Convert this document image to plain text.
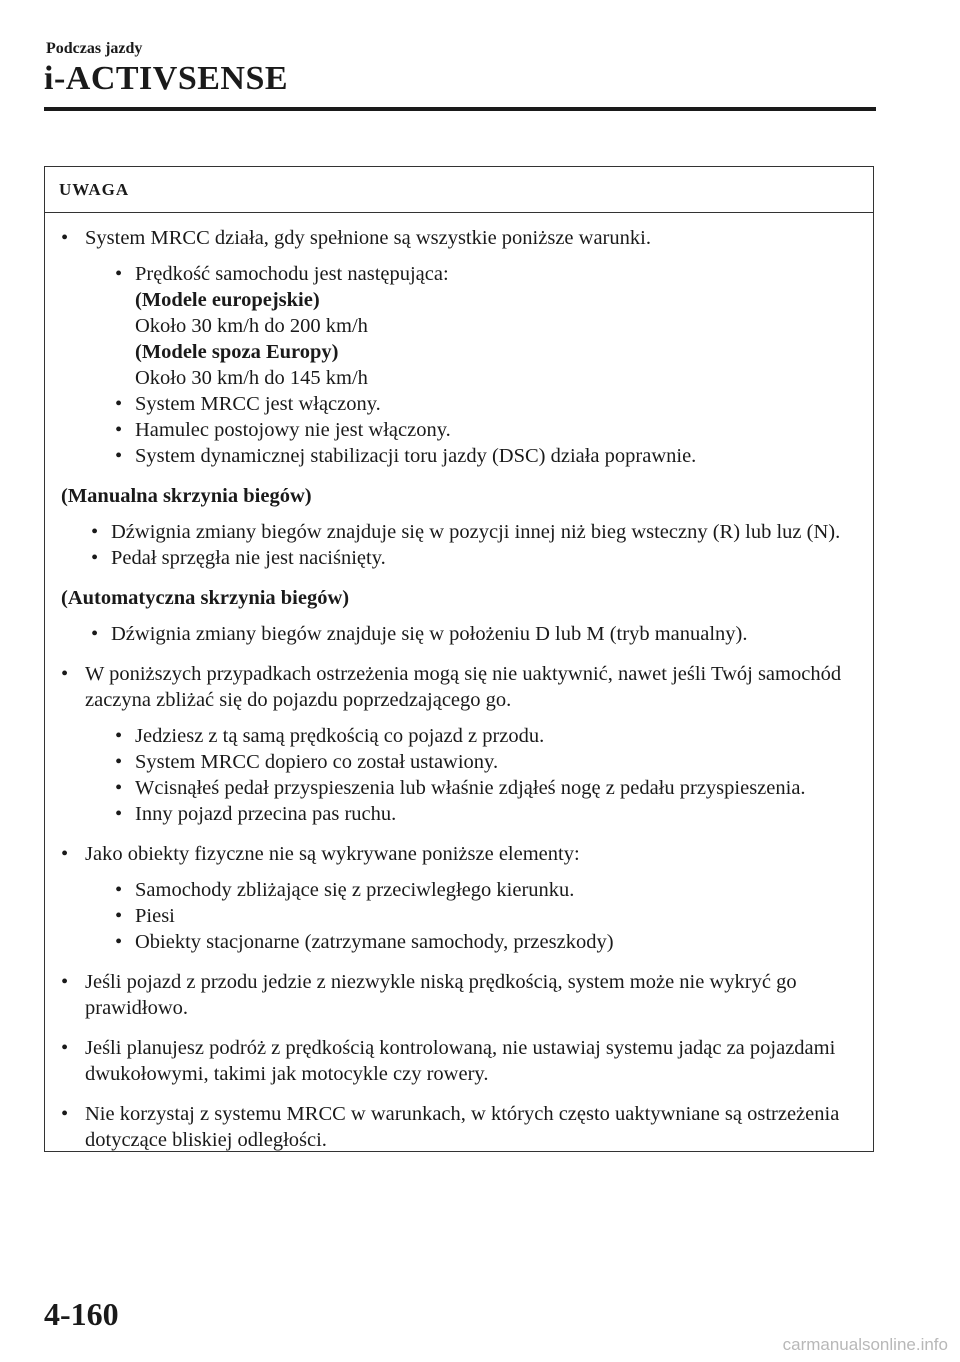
Podczas jazdy
i-ACTIVSENSE
UWAGA
• System MRCC działa, gdy spełnione są wszystkie poniższe warunki.
• Prędkość samochodu jest następująca:
(Modele europejskie)
Około 30 km/h do 200 km/h
(Modele spoza Europy)
Około 30 km/h do 145 km/h
• System MRCC jest włączony.
• Hamulec postojowy nie jest włączony.
• System dynamicznej stabilizacji toru jazdy (DSC) działa poprawnie.
(Manualna skrzynia biegów)
• Dźwignia zmiany biegów znajduje się w pozycji innej niż bieg wsteczny (R) lub luz (N).
• Pedał sprzęgła nie jest naciśnięty.
(Automatyczna skrzynia biegów)
• Dźwignia zmiany biegów znajduje się w położeniu D lub M (tryb manualny).
• W poniższych przypadkach ostrzeżenia mogą się nie uaktywnić, nawet jeśli Twój samochód zaczyna zbliżać się do pojazdu poprzedzającego go.
• Jedziesz z tą samą prędkością co pojazd z przodu.
• System MRCC dopiero co został ustawiony.
• Wcisnąłeś pedał przyspieszenia lub właśnie zdjąłeś nogę z pedału przyspieszenia.
• Inny pojazd przecina pas ruchu.
• Jako obiekty fizyczne nie są wykrywane poniższe elementy:
• Samochody zbliżające się z przeciwległego kierunku.
• Piesi
• Obiekty stacjonarne (zatrzymane samochody, przeszkody)
• Jeśli pojazd z przodu jedzie z niezwykle niską prędkością, system może nie wykryć go prawidłowo.
• Jeśli planujesz podróż z prędkością kontrolowaną, nie ustawiaj systemu jadąc za pojazdami dwukołowymi, takimi jak motocykle czy rowery.
• Nie korzystaj z systemu MRCC w warunkach, w których często uaktywniane są ostrzeżenia dotyczące bliskiej odległości.
4-160
carmanualsonline.info
